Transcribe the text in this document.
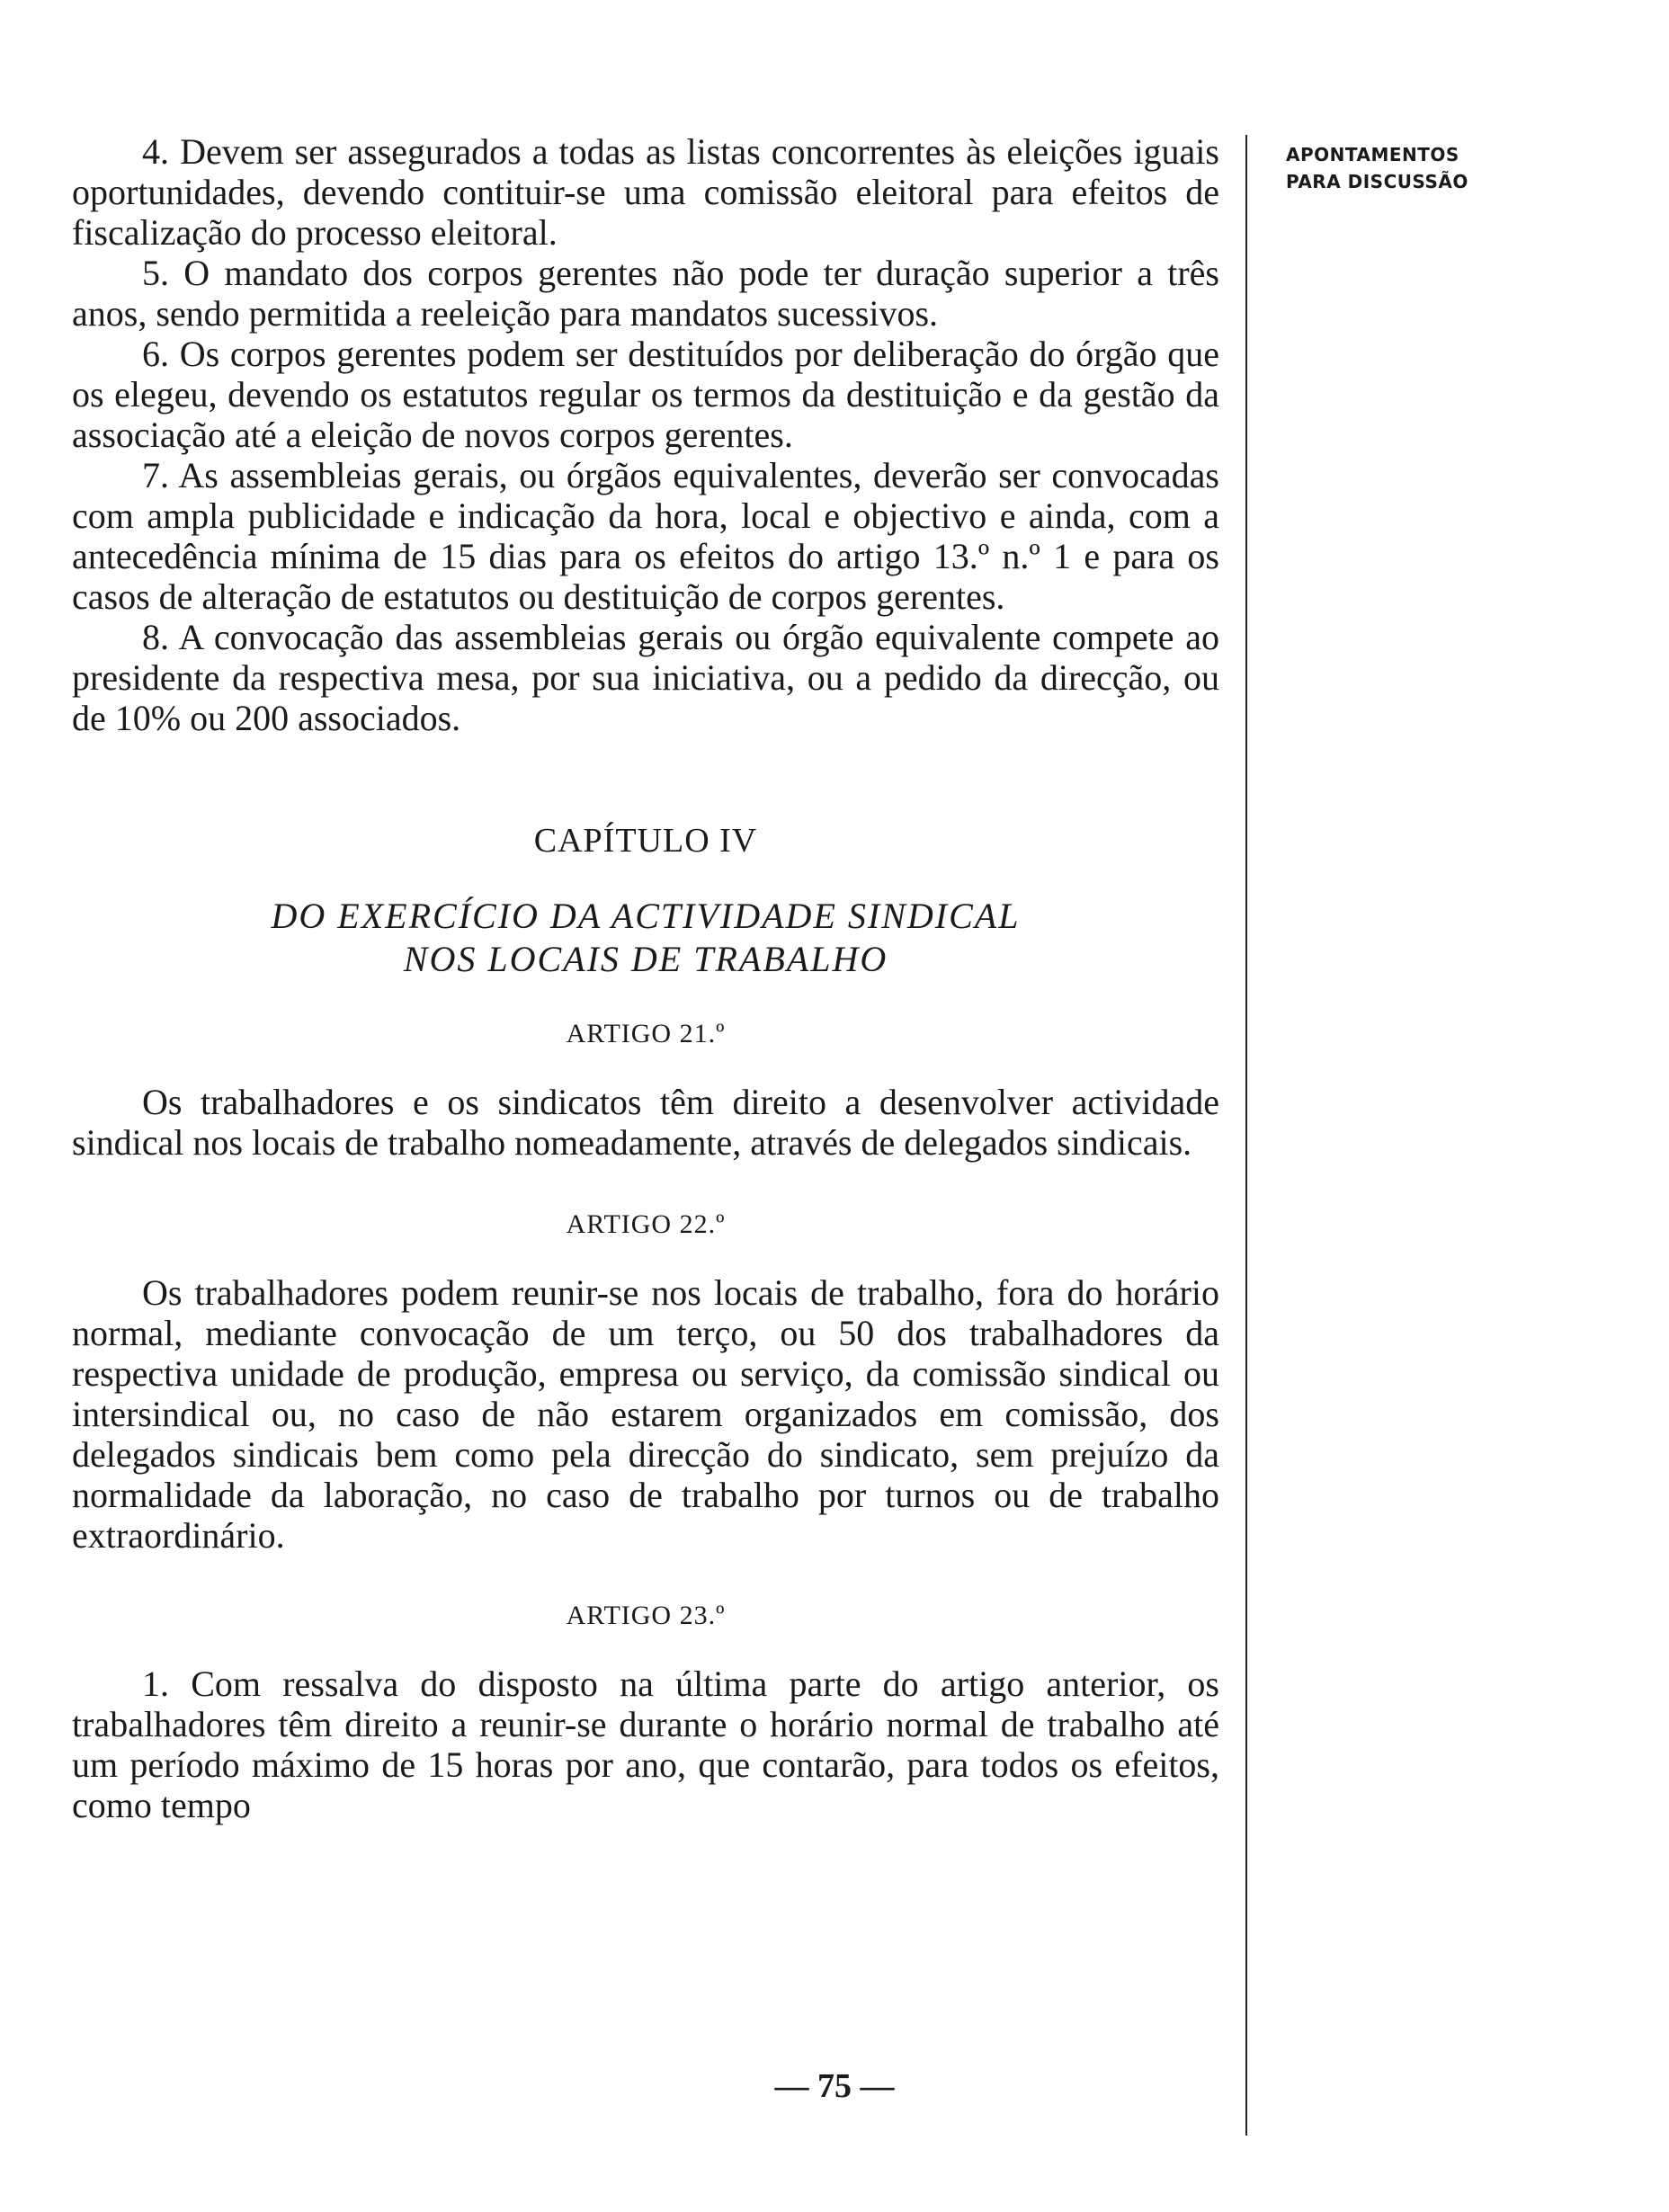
4. Devem ser assegurados a todas as listas concorrentes às eleições iguais oportunidades, devendo contituir-se uma comissão eleitoral para efeitos de fiscalização do processo eleitoral.

5. O mandato dos corpos gerentes não pode ter duração superior a três anos, sendo permitida a reeleição para mandatos sucessivos.

6. Os corpos gerentes podem ser destituídos por deliberação do órgão que os elegeu, devendo os estatutos regular os termos da destituição e da gestão da associação até a eleição de novos corpos gerentes.

7. As assembleias gerais, ou órgãos equivalentes, deverão ser convocadas com ampla publicidade e indicação da hora, local e objectivo e ainda, com a antecedência mínima de 15 dias para os efeitos do artigo 13.º n.º 1 e para os casos de alteração de estatutos ou destituição de corpos gerentes.

8. A convocação das assembleias gerais ou órgão equivalente compete ao presidente da respectiva mesa, por sua iniciativa, ou a pedido da direcção, ou de 10% ou 200 associados.

CAPÍTULO IV

DO EXERCÍCIO DA ACTIVIDADE SINDICAL

NOS LOCAIS DE TRABALHO

ARTIGO 21.º

Os trabalhadores e os sindicatos têm direito a desenvolver actividade sindical nos locais de trabalho nomeadamente, através de delegados sindicais.

ARTIGO 22.º

Os trabalhadores podem reunir-se nos locais de trabalho, fora do horário normal, mediante convocação de um terço, ou 50 dos trabalhadores da respectiva unidade de produção, empresa ou serviço, da comissão sindical ou intersindical ou, no caso de não estarem organizados em comissão, dos delegados sindicais bem como pela direcção do sindicato, sem prejuízo da normalidade da laboração, no caso de trabalho por turnos ou de trabalho extraordinário.

ARTIGO 23.º

1. Com ressalva do disposto na última parte do artigo anterior, os trabalhadores têm direito a reunir-se durante o horário normal de trabalho até um período máximo de 15 horas por ano, que contarão, para todos os efeitos, como tempo

APONTAMENTOS
PARA DISCUSSÃO
— 75 —
